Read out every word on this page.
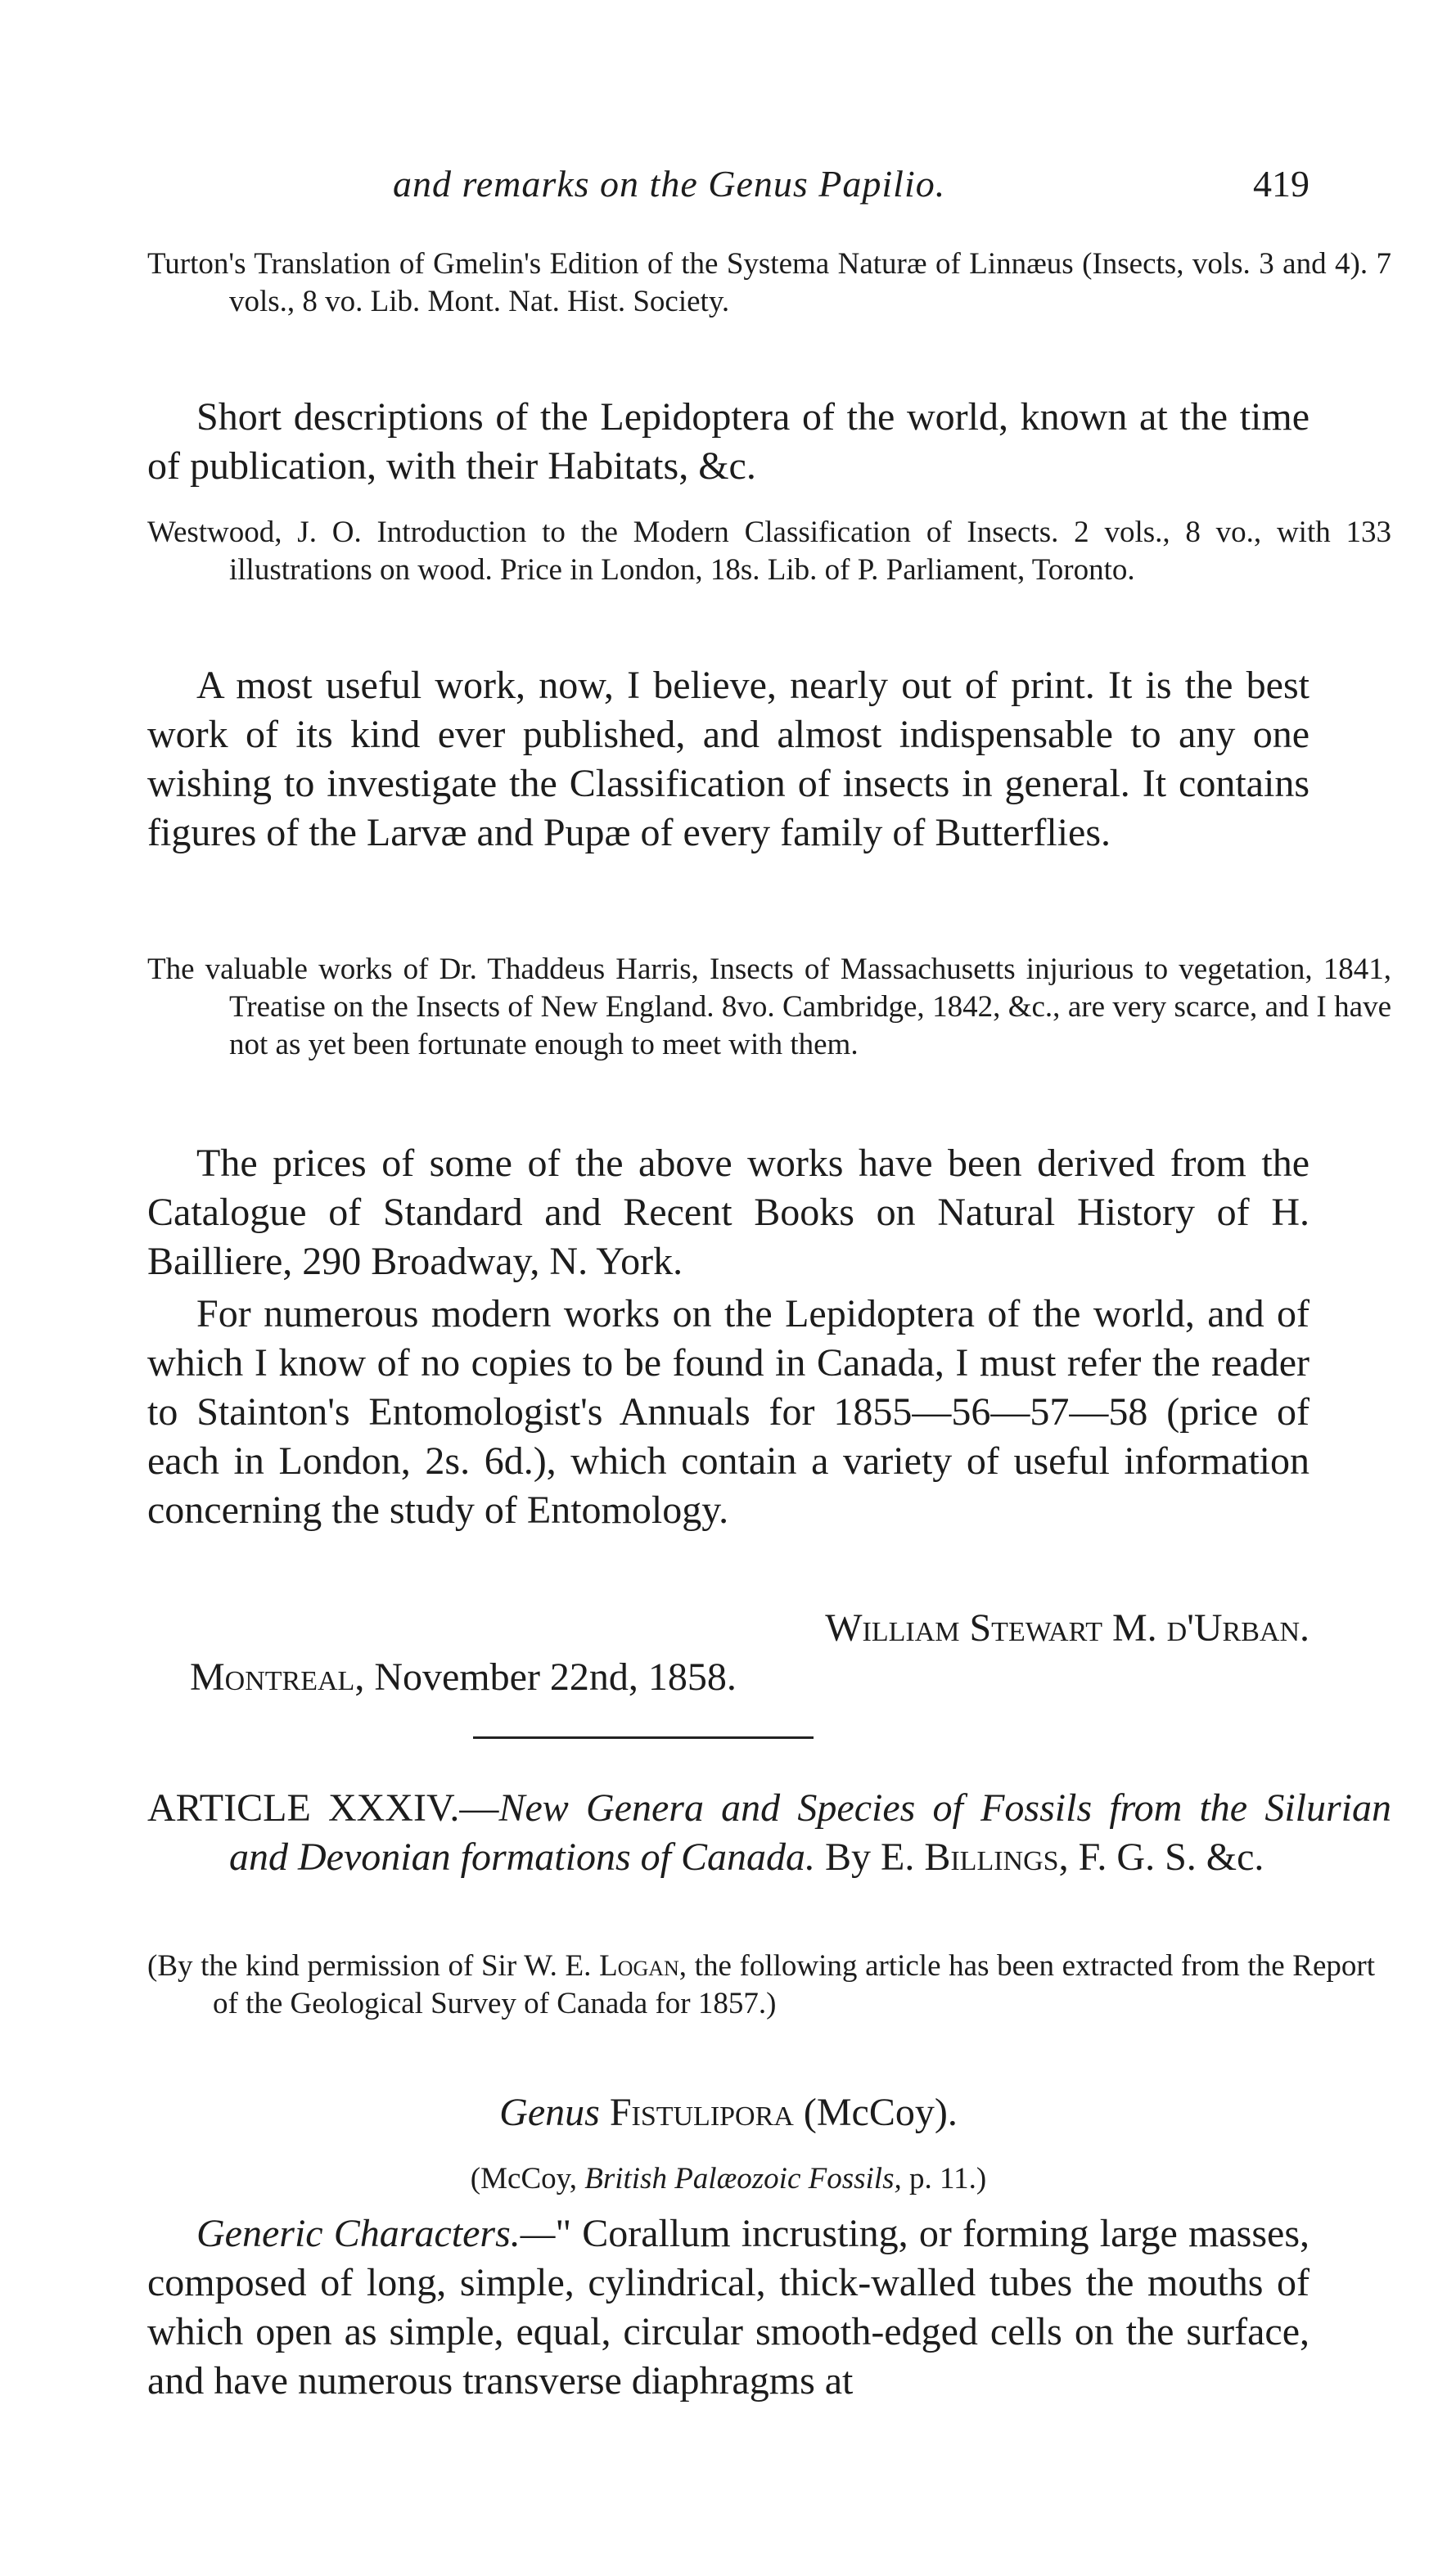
and remarks on the Genus Papilio.	419

Turton's Translation of Gmelin's Edition of the Systema Naturæ of Linnæus (Insects, vols. 3 and 4). 7 vols., 8 vo. Lib. Mont. Nat. Hist. Society.

Short descriptions of the Lepidoptera of the world, known at the time of publication, with their Habitats, &c.

Westwood, J. O. Introduction to the Modern Classification of Insects. 2 vols., 8 vo., with 133 illustrations on wood. Price in London, 18s. Lib. of P. Parliament, Toronto.

A most useful work, now, I believe, nearly out of print. It is the best work of its kind ever published, and almost indispensable to any one wishing to investigate the Classification of insects in general. It contains figures of the Larvæ and Pupæ of every family of Butterflies.

The valuable works of Dr. Thaddeus Harris, Insects of Massachusetts injurious to vegetation, 1841, Treatise on the Insects of New England. 8vo. Cambridge, 1842, &c., are very scarce, and I have not as yet been fortunate enough to meet with them.

The prices of some of the above works have been derived from the Catalogue of Standard and Recent Books on Natural History of H. Bailliere, 290 Broadway, N. York.

For numerous modern works on the Lepidoptera of the world, and of which I know of no copies to be found in Canada, I must refer the reader to Stainton's Entomologist's Annuals for 1855—56—57—58 (price of each in London, 2s. 6d.), which contain a variety of useful information concerning the study of Entomology.

William Stewart M. d'Urban.
Montreal, November 22nd, 1858.

ARTICLE XXXIV.—New Genera and Species of Fossils from the Silurian and Devonian formations of Canada. By E. Billings, F. G. S. &c.

(By the kind permission of Sir W. E. Logan, the following article has been extracted from the Report of the Geological Survey of Canada for 1857.)

Genus Fistulipora (McCoy).
(McCoy, British Palæozoic Fossils, p. 11.)

Generic Characters.—" Corallum incrusting, or forming large masses, composed of long, simple, cylindrical, thick-walled tubes the mouths of which open as simple, equal, circular smooth-edged cells on the surface, and have numerous transverse diaphragms at
